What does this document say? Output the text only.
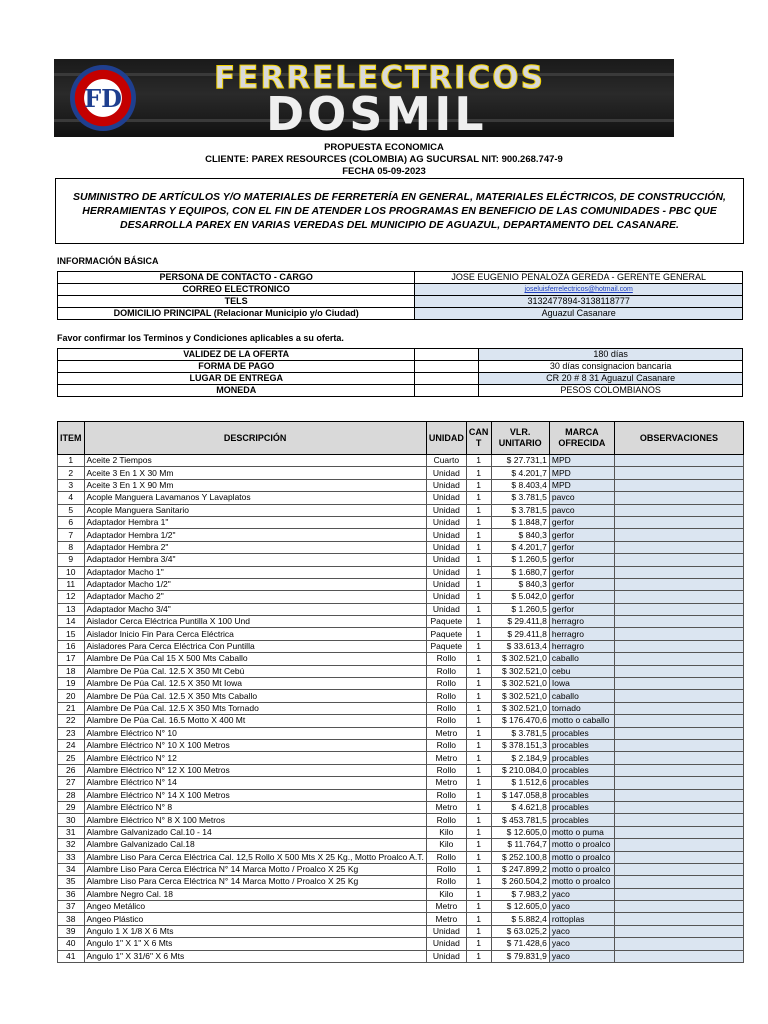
FD
FERRELECTRICOS
DOSMIL
PROPUESTA ECONOMICA
CLIENTE: PAREX RESOURCES (COLOMBIA) AG SUCURSAL NIT: 900.268.747-9
FECHA 05-09-2023
SUMINISTRO DE ARTÍCULOS Y/O MATERIALES DE FERRETERÍA EN GENERAL, MATERIALES ELÉCTRICOS, DE CONSTRUCCIÓN, HERRAMIENTAS Y EQUIPOS, CON EL FIN DE ATENDER LOS PROGRAMAS EN BENEFICIO DE LAS COMUNIDADES - PBC QUE DESARROLLA PAREX EN VARIAS VEREDAS DEL MUNICIPIO DE AGUAZUL, DEPARTAMENTO DEL CASANARE.
INFORMACIÓN BÁSICA
PERSONA DE CONTACTO - CARGO	JOSE EUGENIO PENALOZA GEREDA - GERENTE GENERAL
CORREO ELECTRONICO	joseluisferrelectricos@hotmail.com
TELS	3132477894-3138118777
DOMICILIO PRINCIPAL (Relacionar Municipio y/o Ciudad)	Aguazul Casanare
Favor confirmar los Terminos y Condiciones aplicables a su oferta.
VALIDEZ DE LA OFERTA		180 días
FORMA DE PAGO		30 días consignacion bancaria
LUGAR DE ENTREGA		CR 20 # 8 31 Aguazul Casanare
MONEDA		PESOS COLOMBIANOS
ITEM	DESCRIPCIÓN	UNIDAD	CAN T	VLR. UNITARIO	MARCA OFRECIDA	OBSERVACIONES
1	Aceite 2 Tiempos	Cuarto	1	$ 27.731,1	MPD	
2	Aceite 3 En 1 X 30 Mm	Unidad	1	$ 4.201,7	MPD	
3	Aceite 3 En 1 X 90 Mm	Unidad	1	$ 8.403,4	MPD	
4	Acople Manguera Lavamanos Y Lavaplatos	Unidad	1	$ 3.781,5	pavco	
5	Acople Manguera Sanitario	Unidad	1	$ 3.781,5	pavco	
6	Adaptador Hembra 1"	Unidad	1	$ 1.848,7	gerfor	
7	Adaptador Hembra 1/2"	Unidad	1	$ 840,3	gerfor	
8	Adaptador Hembra 2"	Unidad	1	$ 4.201,7	gerfor	
9	Adaptador Hembra 3/4"	Unidad	1	$ 1.260,5	gerfor	
10	Adaptador Macho 1"	Unidad	1	$ 1.680,7	gerfor	
11	Adaptador Macho 1/2"	Unidad	1	$ 840,3	gerfor	
12	Adaptador Macho 2"	Unidad	1	$ 5.042,0	gerfor	
13	Adaptador Macho 3/4"	Unidad	1	$ 1.260,5	gerfor	
14	Aislador Cerca Eléctrica Puntilla X 100 Und	Paquete	1	$ 29.411,8	herragro	
15	Aislador Inicio Fin Para Cerca Eléctrica	Paquete	1	$ 29.411,8	herragro	
16	Aisladores Para Cerca Eléctrica Con Puntilla	Paquete	1	$ 33.613,4	herragro	
17	Alambre De Púa Cal 15 X 500 Mts Caballo	Rollo	1	$ 302.521,0	caballo	
18	Alambre De Púa Cal. 12.5 X 350 Mt Cebú	Rollo	1	$ 302.521,0	cebu	
19	Alambre De Púa Cal. 12.5 X 350 Mt Iowa	Rollo	1	$ 302.521,0	Iowa	
20	Alambre De Púa Cal. 12.5 X 350 Mts Caballo	Rollo	1	$ 302.521,0	caballo	
21	Alambre De Púa Cal. 12.5 X 350 Mts Tornado	Rollo	1	$ 302.521,0	tornado	
22	Alambre De Púa Cal. 16.5 Motto X 400 Mt	Rollo	1	$ 176.470,6	motto o caballo	
23	Alambre Eléctrico N° 10	Metro	1	$ 3.781,5	procables	
24	Alambre Eléctrico N° 10 X 100 Metros	Rollo	1	$ 378.151,3	procables	
25	Alambre Eléctrico N° 12	Metro	1	$ 2.184,9	procables	
26	Alambre Eléctrico N° 12 X 100 Metros	Rollo	1	$ 210.084,0	procables	
27	Alambre Eléctrico N° 14	Metro	1	$ 1.512,6	procables	
28	Alambre Eléctrico N° 14 X 100 Metros	Rollo	1	$ 147.058,8	procables	
29	Alambre Eléctrico N° 8	Metro	1	$ 4.621,8	procables	
30	Alambre Eléctrico N° 8 X 100 Metros	Rollo	1	$ 453.781,5	procables	
31	Alambre Galvanizado Cal.10 - 14	Kilo	1	$ 12.605,0	motto o puma	
32	Alambre Galvanizado Cal.18	Kilo	1	$ 11.764,7	motto o proalco	
33	Alambre Liso Para Cerca Eléctrica Cal. 12,5 Rollo X 500 Mts X 25 Kg., Motto Proalco A.T.	Rollo	1	$ 252.100,8	motto o proalco	
34	Alambre Liso Para Cerca Eléctrica N° 14 Marca Motto / Proalco X 25 Kg	Rollo	1	$ 247.899,2	motto o proalco	
35	Alambre Liso Para Cerca Eléctrica N° 14 Marca Motto / Proalco X 25 Kg	Rollo	1	$ 260.504,2	motto o proalco	
36	Alambre Negro Cal. 18	Kilo	1	$ 7.983,2	yaco	
37	Angeo Metálico	Metro	1	$ 12.605,0	yaco	
38	Angeo Plástico	Metro	1	$ 5.882,4	rottoplas	
39	Angulo 1 X 1/8 X 6 Mts	Unidad	1	$ 63.025,2	yaco	
40	Angulo 1" X 1" X 6 Mts	Unidad	1	$ 71.428,6	yaco	
41	Angulo 1" X 31/6" X 6 Mts	Unidad	1	$ 79.831,9	yaco	
